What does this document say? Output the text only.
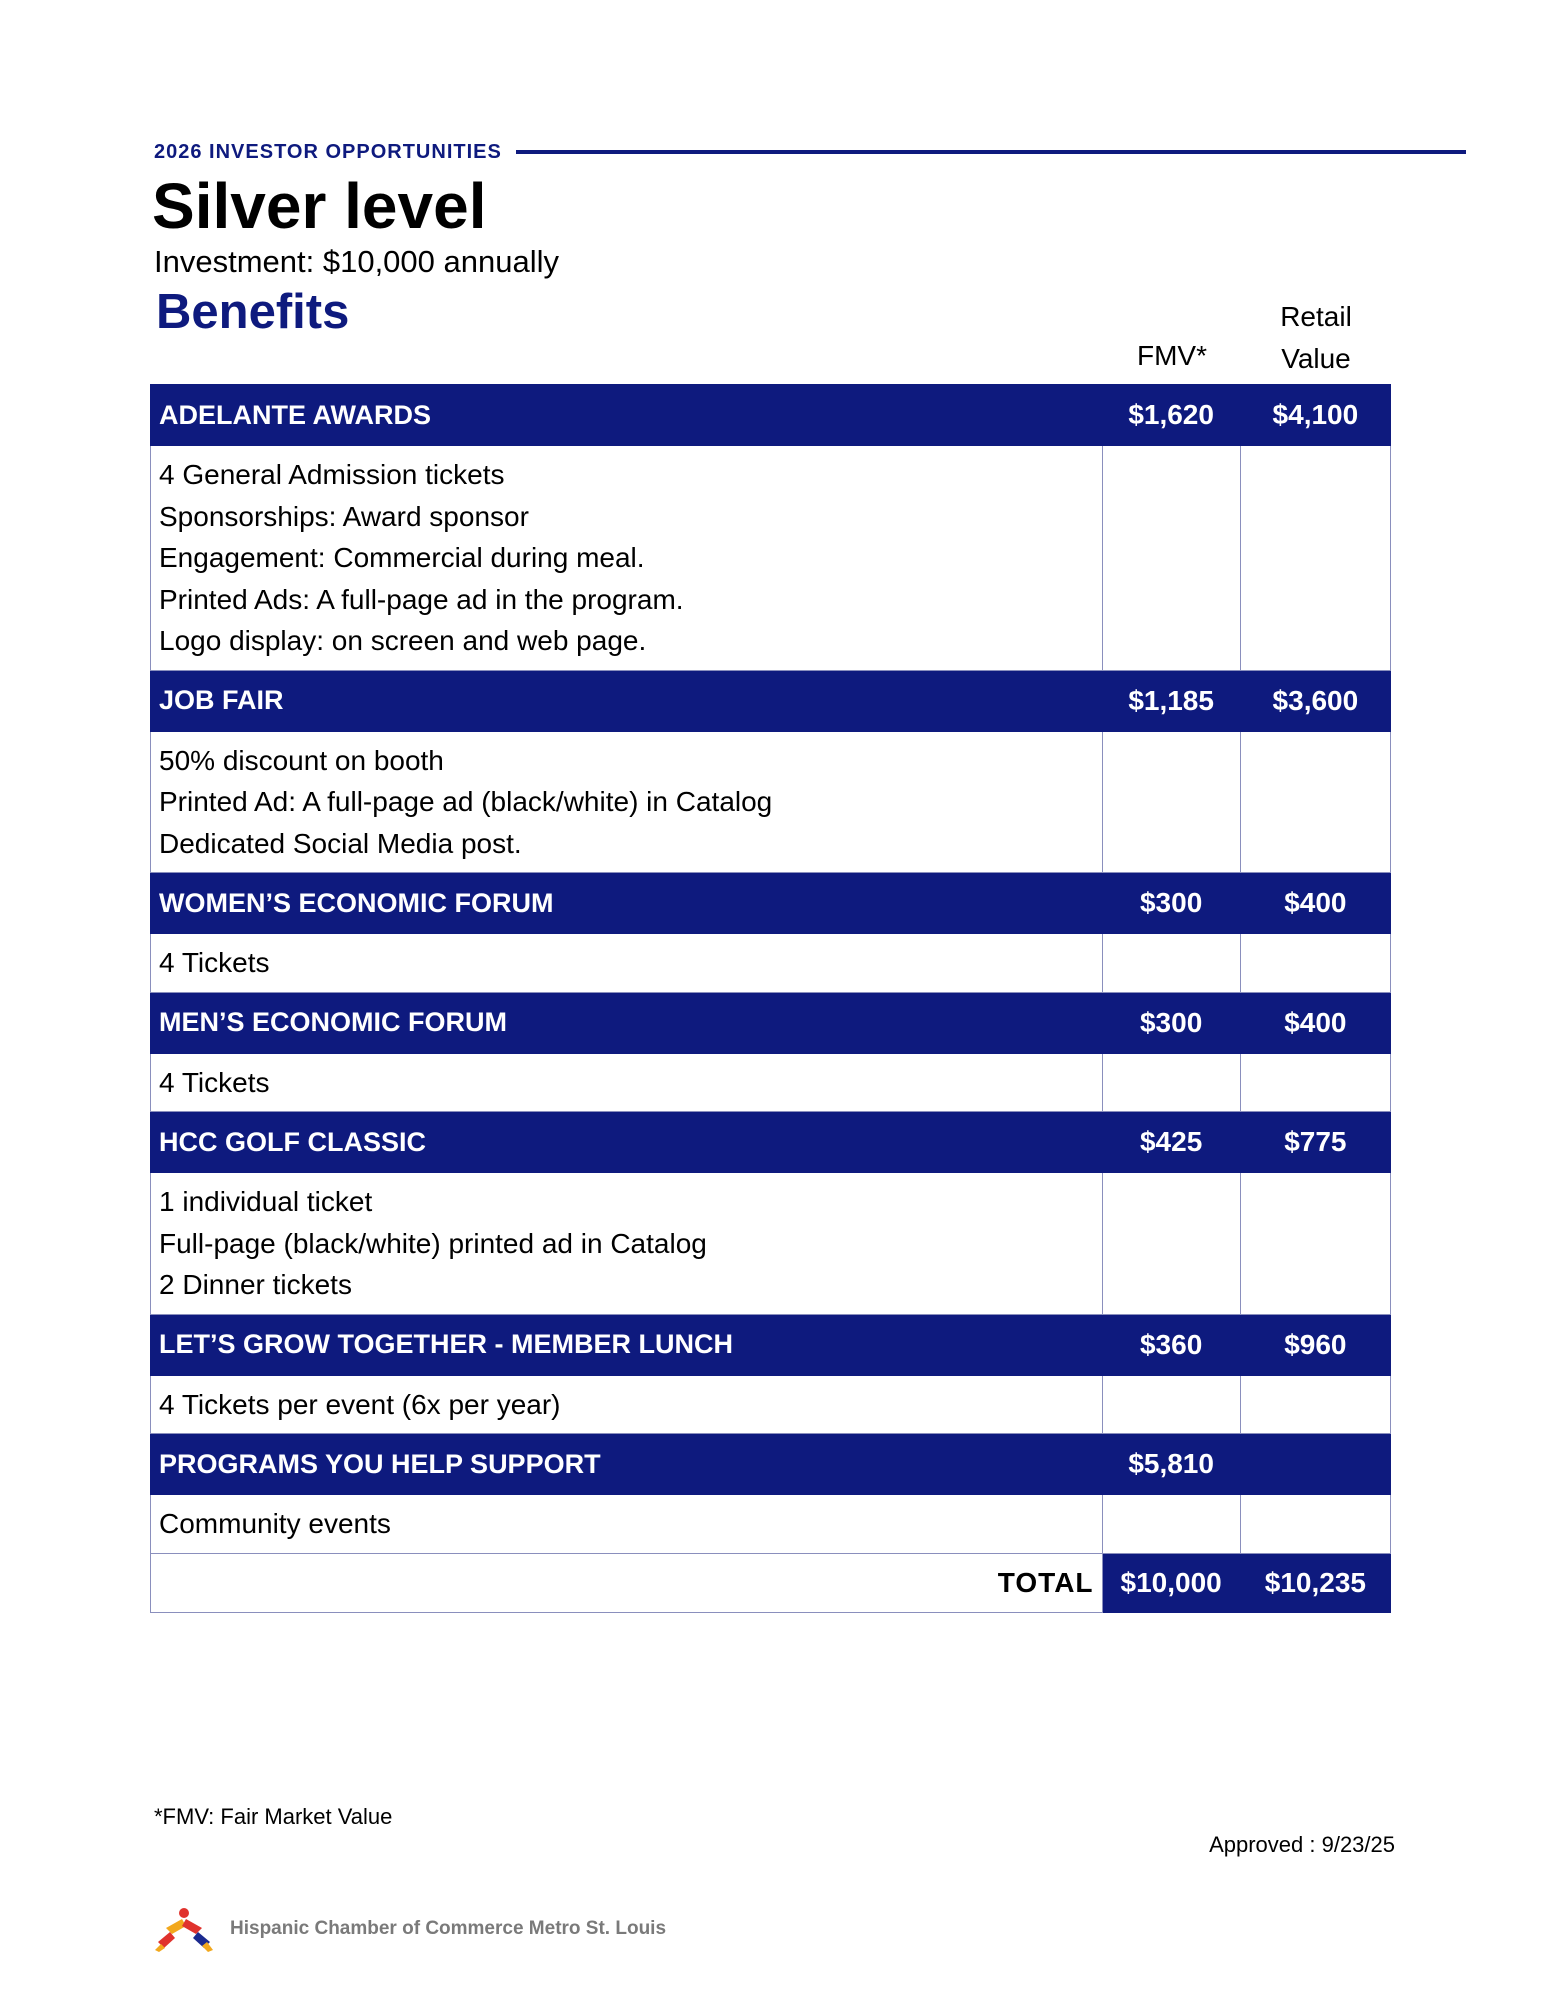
2026 INVESTOR OPPORTUNITIES
Silver level
Investment: $10,000 annually
Benefits
FMV*
Retail
Value
ADELANTE AWARDS	$1,620	$4,100

4 General Admission tickets
Sponsorships: Award sponsor
Engagement: Commercial during meal.
Printed Ads: A full-page ad in the program.
Logo display: on screen and web page.		

JOB FAIR	$1,185	$3,600

50% discount on booth
Printed Ad: A full-page ad (black/white) in Catalog
Dedicated Social Media post.		

WOMEN’S ECONOMIC FORUM	$300	$400

4 Tickets		

MEN’S ECONOMIC FORUM	$300	$400

4 Tickets		

HCC GOLF CLASSIC	$425	$775

1 individual ticket
Full-page (black/white) printed ad in Catalog
2 Dinner tickets		

LET’S GROW TOGETHER - MEMBER LUNCH	$360	$960

4 Tickets per event (6x per year)		

PROGRAMS YOU HELP SUPPORT	$5,810	

Community events		

TOTAL	$10,000	$10,235
*FMV: Fair Market Value
Approved : 9/23/25
Hispanic Chamber of Commerce Metro St. Louis
